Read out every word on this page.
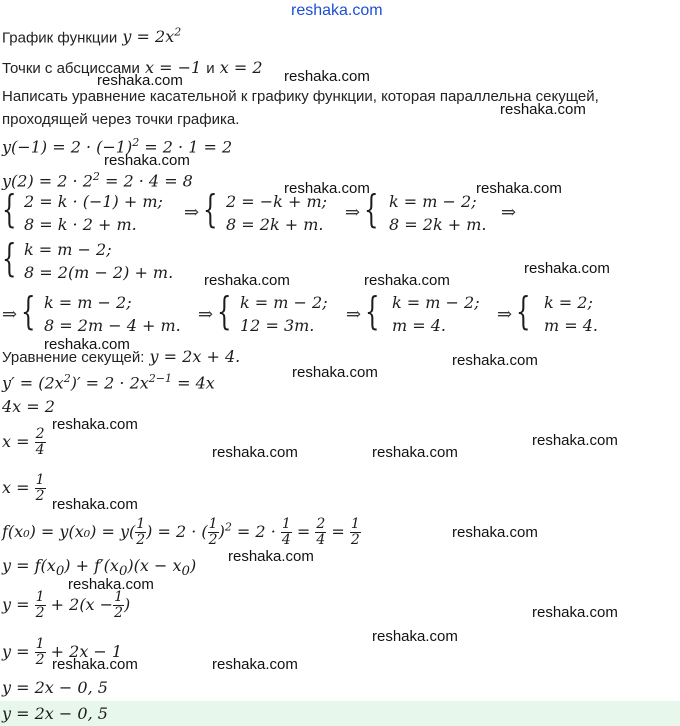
reshaka.com
График функции $y = 2x^2$
Точки с абсциссами x = −1 и x = 2
Написать уравнение касательной к графику функции, которая параллельна секущей,
проходящей через точки графика.
$y(-1) = 2 \cdot (-1)^2 = 2 \cdot 1 = 2$
$y(2) = 2 \cdot 2^2 = 2 \cdot 4 = 8$
{ 2 = k · (−1) + m;
8 = k · 2 + m.
⇒ { 2 = −k + m;
8 = 2k + m.
⇒ { k = m − 2;
8 = 2k + m.
⇒
{ k = m − 2;
8 = 2(m − 2) + m.
⇒ { k = m − 2;
8 = 2m − 4 + m.
⇒ { k = m − 2;
12 = 3m.
⇒ { k = m − 2;
m = 4.
⇒ { k = 2;
m = 4.
Уравнение секущей: y = 2x + 4.
$y' = (2x^2)' = 2 \cdot 2x^{2-1} = 4x$
4x = 2
$x = \frac{2}{4}$
$x = \frac{1}{2}$
$f(x_0) = y(x_0) = y( \frac{1}{2}$ ) = 2 · ( $\frac{1}{2} )^2 = 2 \cdot \frac{1}{4} = \frac{2}{4} = \frac{1}{2}$
$y = f(x_0) + f'(x_0)(x - x_0)$
$y = \frac{1}{2} + 2(x - \frac{1}{2}$ )
$y = \frac{1}{2} + 2x - 1$
y = 2x − 0, 5
y = 2x − 0, 5
reshaka.com	reshaka.com
reshaka.com
reshaka.com
reshaka.com	reshaka.com
reshaka.com
reshaka.com	reshaka.com
reshaka.com
reshaka.com
reshaka.com
reshaka.com
reshaka.com
reshaka.com	reshaka.com
reshaka.com
reshaka.com
reshaka.com
reshaka.com
reshaka.com
reshaka.com
reshaka.com	reshaka.com
